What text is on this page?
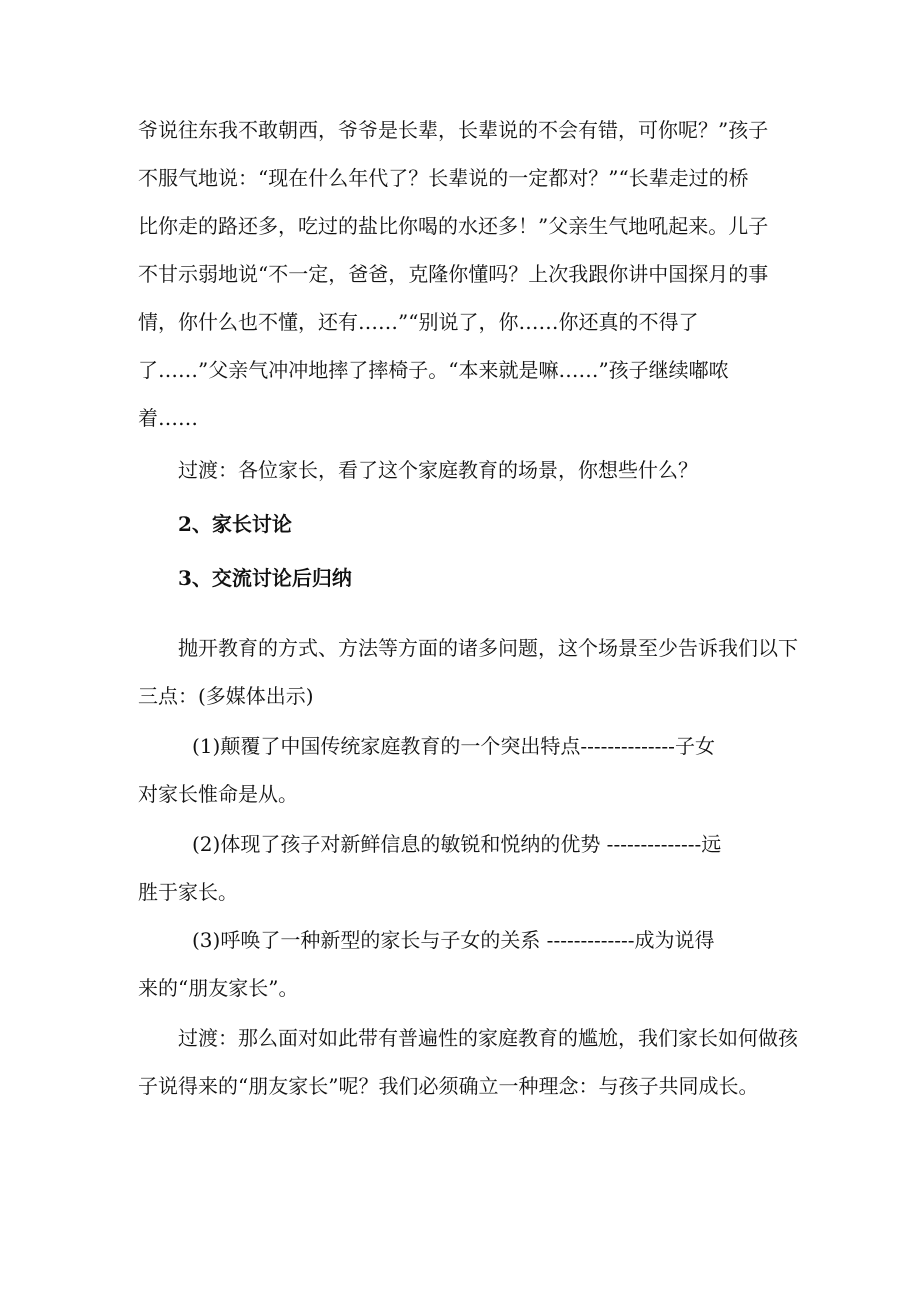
爷说往东我不敢朝西，爷爷是长辈，长辈说的不会有错，可你呢？”孩子
不服气地说：“现在什么年代了？长辈说的一定都对？”“长辈走过的桥
比你走的路还多，吃过的盐比你喝的水还多！”父亲生气地吼起来。儿子
不甘示弱地说“不一定，爸爸，克隆你懂吗？上次我跟你讲中国探月的事
情，你什么也不懂，还有……”“别说了，你……你还真的不得了
了……”父亲气冲冲地摔了摔椅子。“本来就是嘛……”孩子继续嘟哝
着……
过渡：各位家长，看了这个家庭教育的场景，你想些什么？
2、家长讨论
3、交流讨论后归纳
抛开教育的方式、方法等方面的诸多问题，这个场景至少告诉我们以下
三点：(多媒体出示)
(1)颠覆了中国传统家庭教育的一个突出特点--------------子女
对家长惟命是从。
(2)体现了孩子对新鲜信息的敏锐和悦纳的优势 --------------远
胜于家长。
(3)呼唤了一种新型的家长与子女的关系 -------------成为说得
来的“朋友家长”。
过渡：那么面对如此带有普遍性的家庭教育的尴尬，我们家长如何做孩
子说得来的“朋友家长”呢？我们必须确立一种理念：与孩子共同成长。
